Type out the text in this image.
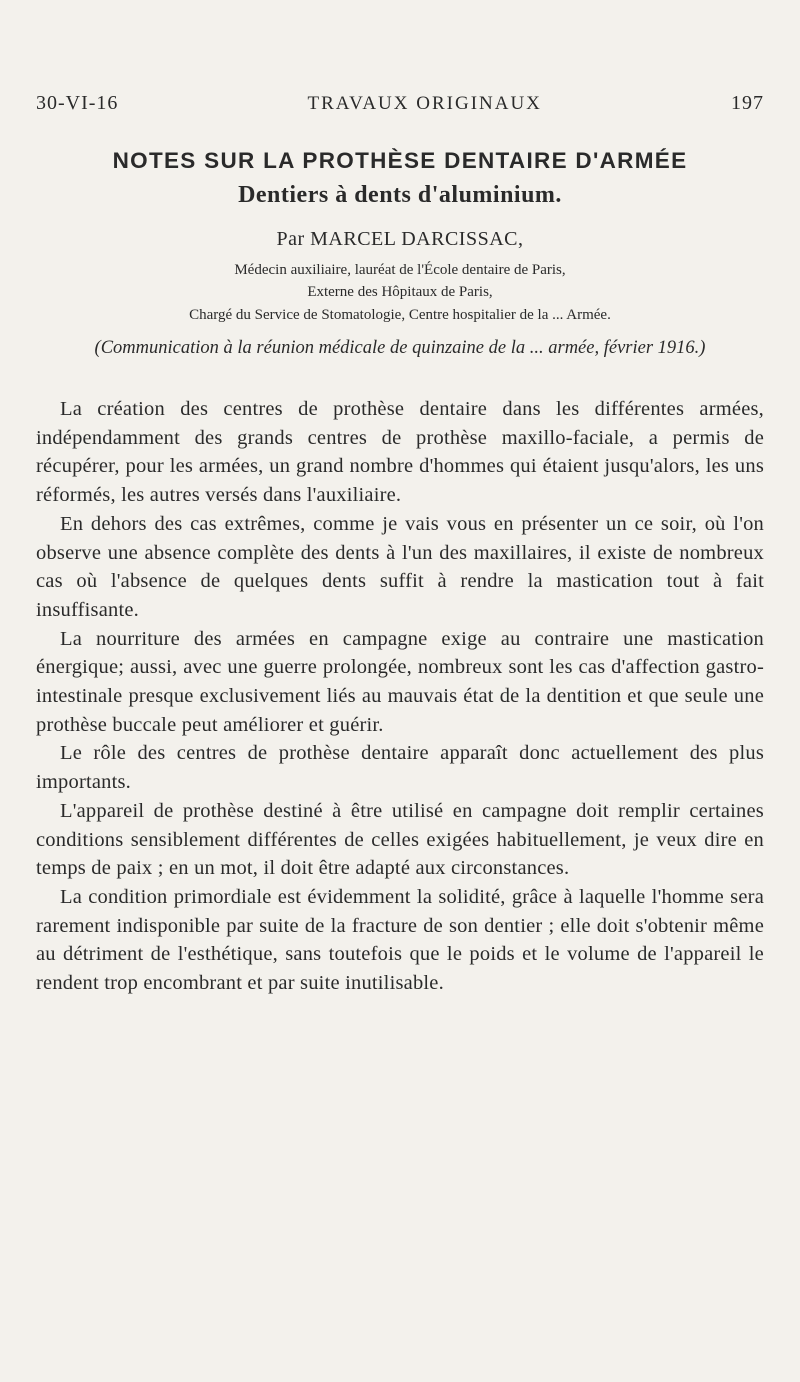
30-VI-16	TRAVAUX ORIGINAUX	197
NOTES SUR LA PROTHÈSE DENTAIRE D'ARMÉE
Dentiers à dents d'aluminium.
Par MARCEL DARCISSAC,
Médecin auxiliaire, lauréat de l'École dentaire de Paris,
Externe des Hôpitaux de Paris,
Chargé du Service de Stomatologie, Centre hospitalier de la ... Armée.
(Communication à la réunion médicale de quinzaine de la ... armée, février 1916.)

La création des centres de prothèse dentaire dans les différentes armées, indépendamment des grands centres de prothèse maxillo-faciale, a permis de récupérer, pour les armées, un grand nombre d'hommes qui étaient jusqu'alors, les uns réformés, les autres versés dans l'auxiliaire.

En dehors des cas extrêmes, comme je vais vous en présenter un ce soir, où l'on observe une absence complète des dents à l'un des maxillaires, il existe de nombreux cas où l'absence de quelques dents suffit à rendre la mastication tout à fait insuffisante.

La nourriture des armées en campagne exige au contraire une mastication énergique; aussi, avec une guerre prolongée, nombreux sont les cas d'affection gastro-intestinale presque exclusivement liés au mauvais état de la dentition et que seule une prothèse buccale peut améliorer et guérir.

Le rôle des centres de prothèse dentaire apparaît donc actuellement des plus importants.

L'appareil de prothèse destiné à être utilisé en campagne doit remplir certaines conditions sensiblement différentes de celles exigées habituellement, je veux dire en temps de paix ; en un mot, il doit être adapté aux circonstances.

La condition primordiale est évidemment la solidité, grâce à laquelle l'homme sera rarement indisponible par suite de la fracture de son dentier ; elle doit s'obtenir même au détriment de l'esthétique, sans toutefois que le poids et le volume de l'appareil le rendent trop encombrant et par suite inutilisable.
